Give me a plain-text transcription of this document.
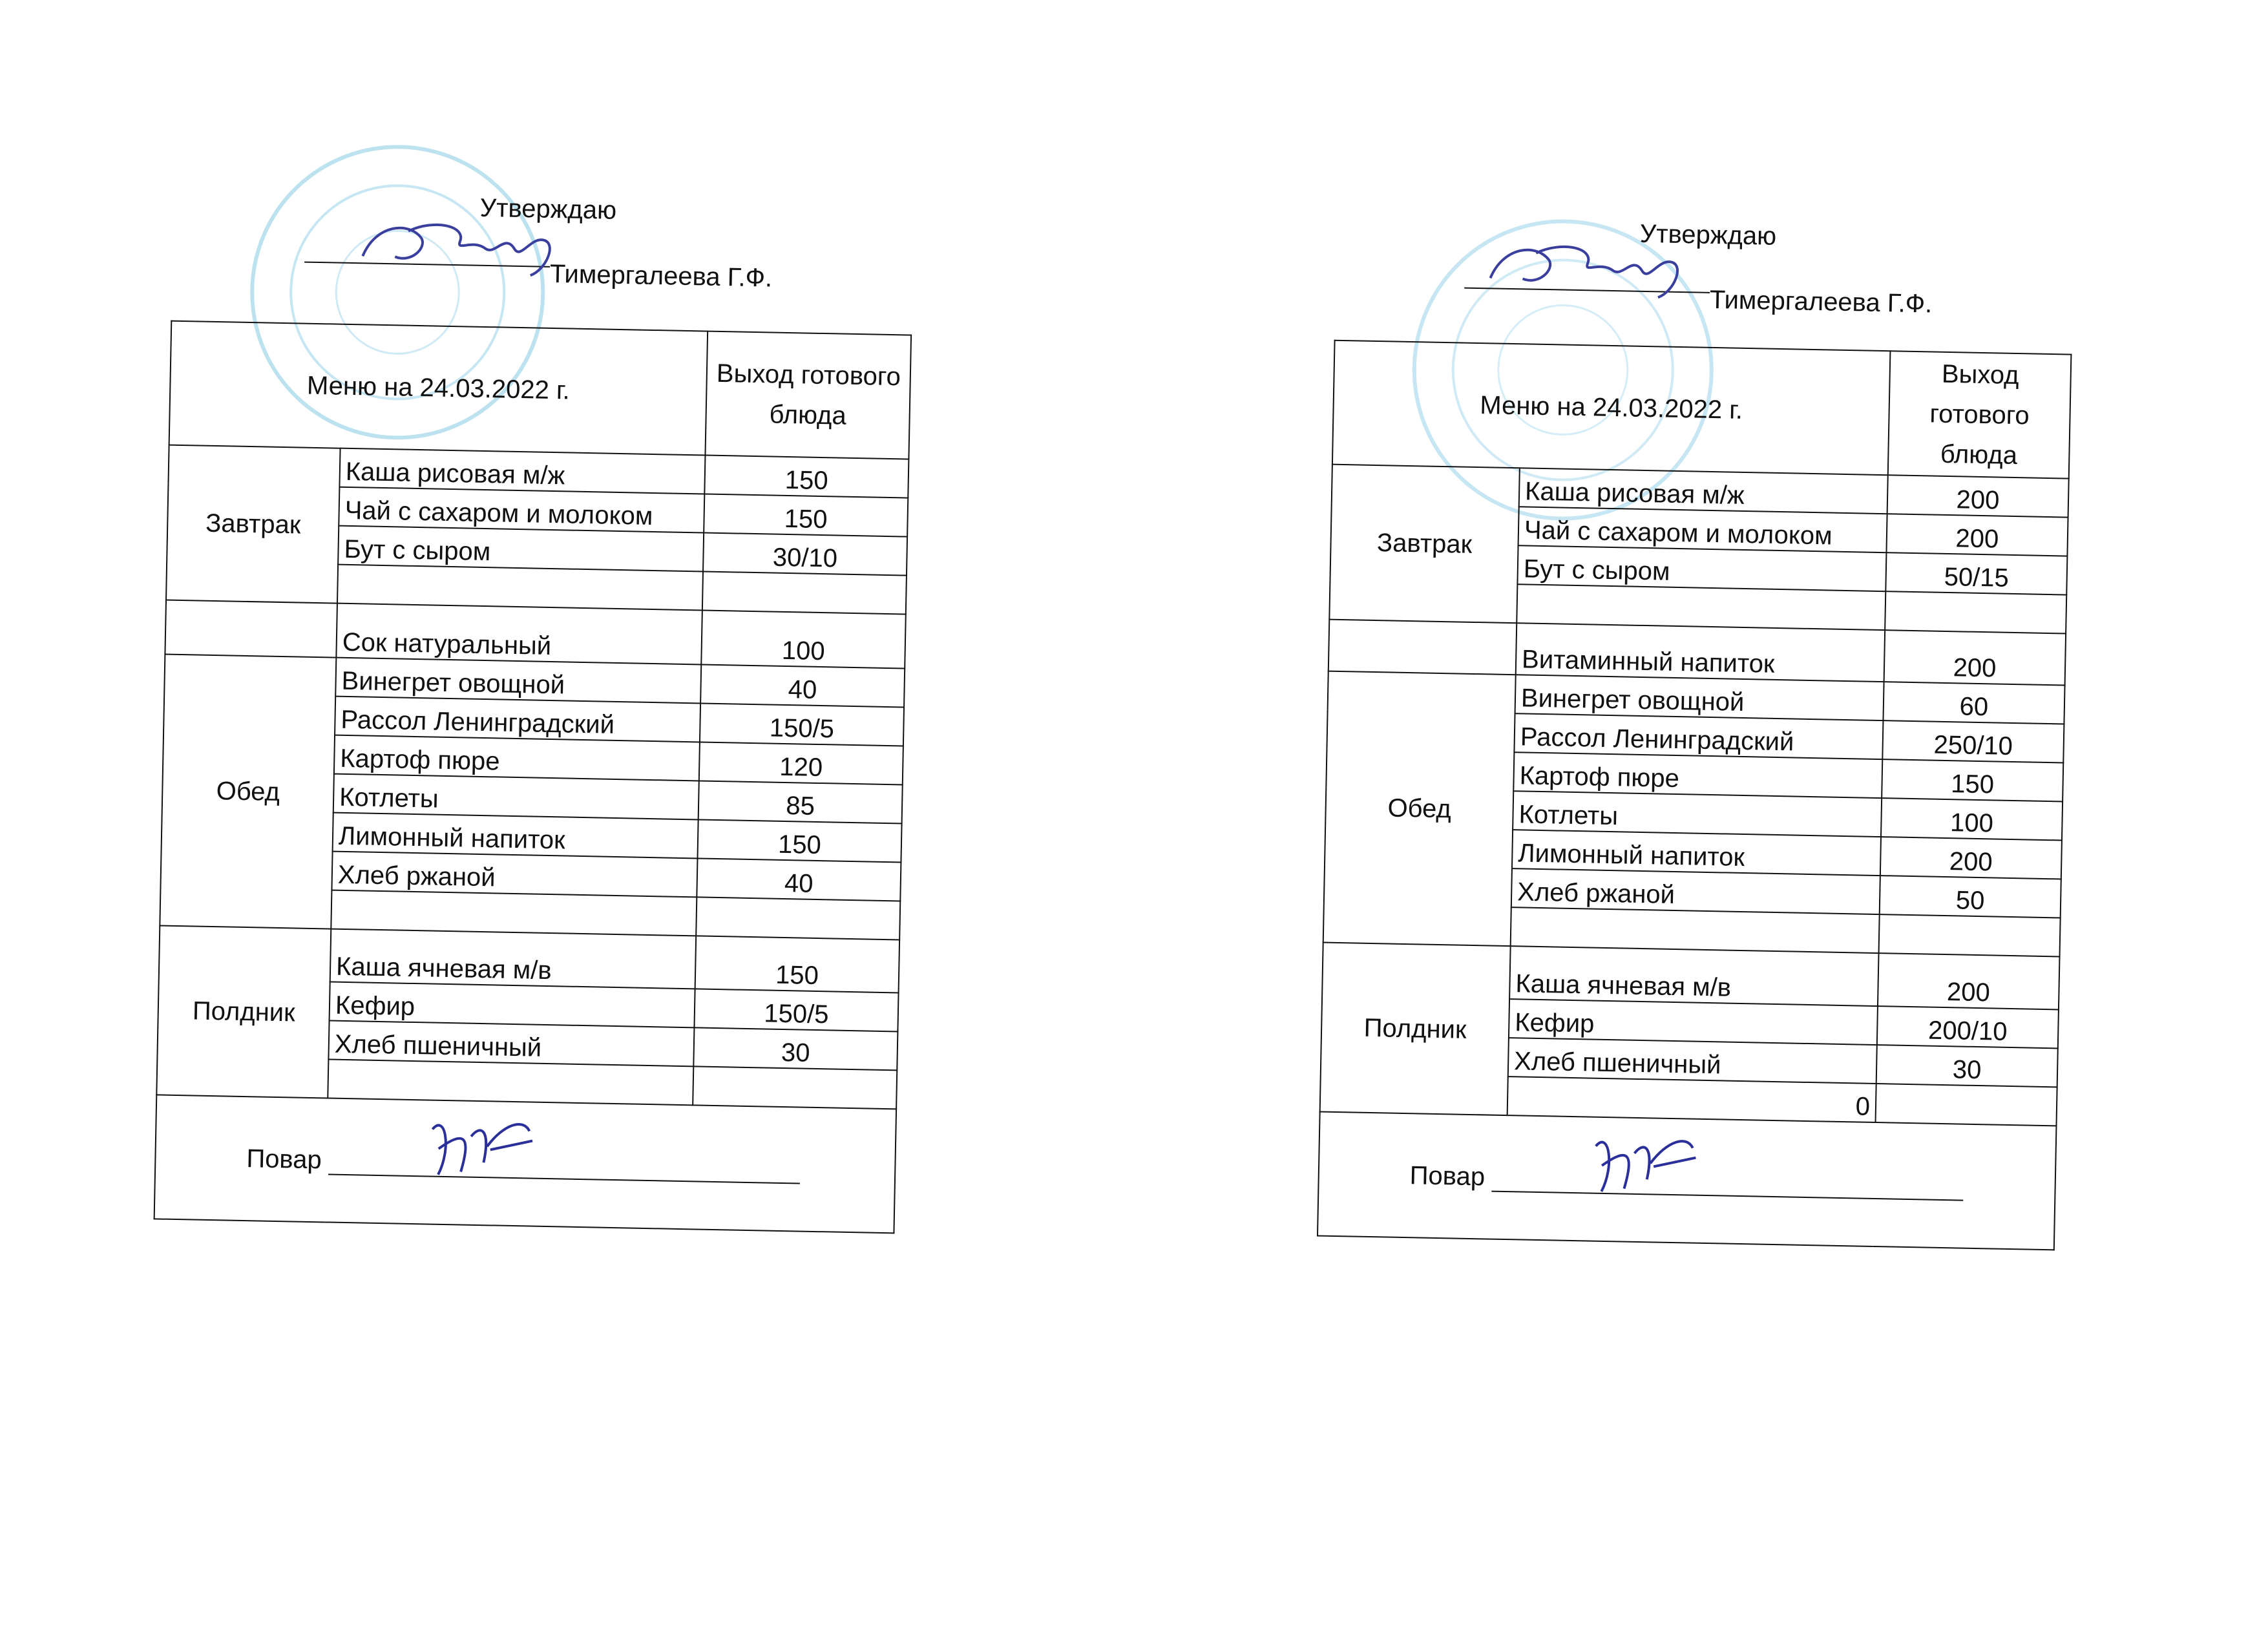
Утверждаю
Тимергалеева Г.Ф.
Меню на 24.03.2022 г.		Выход готового блюда
Завтрак	Каша рисовая м/ж	150
	Чай с сахаром и молоком	150
	Бут с сыром	30/10

	Сок натуральный	100
Обед	Винегрет овощной	40
	Рассол Ленинградский	150/5
	Картоф пюре	120
	Котлеты	85
	Лимонный напиток	150
	Хлеб ржаной	40

Полдник	Каша ячневая м/в	150
	Кефир	150/5
	Хлеб пшеничный	30

Повар		
Утверждаю
Тимергалеева Г.Ф.
Меню на 24.03.2022 г.		Выход готового блюда
Завтрак	Каша рисовая м/ж	200
	Чай с сахаром и молоком	200
	Бут с сыром	50/15

	Витаминный напиток	200
Обед	Винегрет овощной	60
	Рассол Ленинградский	250/10
	Картоф пюре	150
	Котлеты	100
	Лимонный напиток	200
	Хлеб ржаной	50

Полдник	Каша ячневая м/в	200
	Кефир	200/10
	Хлеб пшеничный	30
	0	
Повар		
